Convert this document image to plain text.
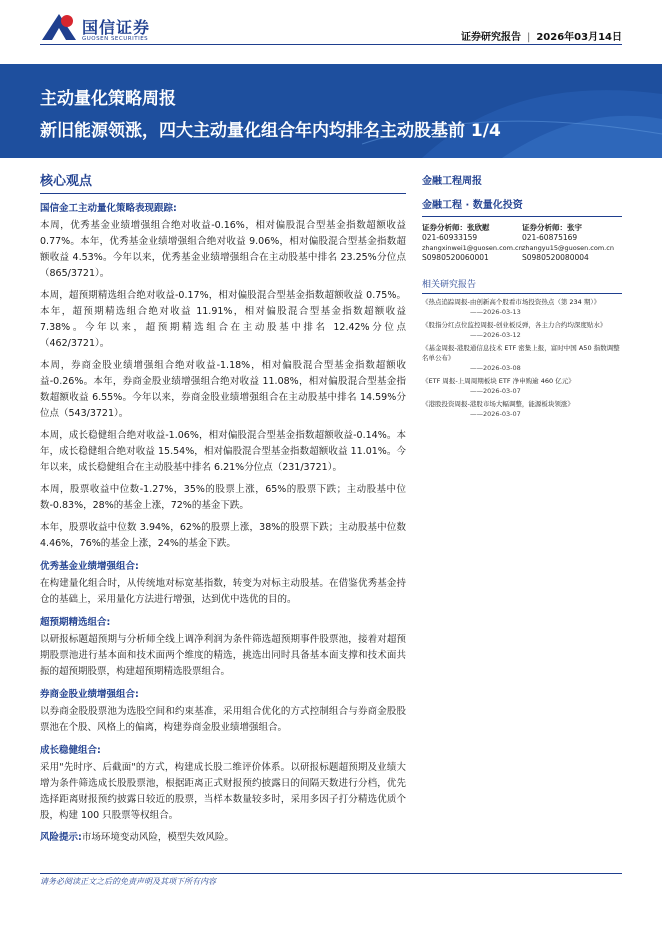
国信证券
GUOSEN SECURITIES	证券研究报告 | 2026年03月14日
主动量化策略周报
新旧能源领涨，四大主动量化组合年内均排名主动股基前 1/4
核心观点
国信金工主动量化策略表现跟踪:

本周，优秀基金业绩增强组合绝对收益-0.16%，相对偏股混合型基金指数超额收益 0.77%。本年，优秀基金业绩增强组合绝对收益 9.06%，相对偏股混合型基金指数超额收益 4.53%。今年以来，优秀基金业绩增强组合在主动股基中排名 23.25%分位点（865/3721）。

本周，超预期精选组合绝对收益-0.17%，相对偏股混合型基金指数超额收益 0.75%。本年，超预期精选组合绝对收益 11.91%，相对偏股混合型基金指数超额收益 7.38%。今年以来，超预期精选组合在主动股基中排名 12.42%分位点（462/3721）。

本周，券商金股业绩增强组合绝对收益-1.18%，相对偏股混合型基金指数超额收益-0.26%。本年，券商金股业绩增强组合绝对收益 11.08%，相对偏股混合型基金指数超额收益 6.55%。今年以来，券商金股业绩增强组合在主动股基中排名 14.59%分位点（543/3721）。

本周，成长稳健组合绝对收益-1.06%，相对偏股混合型基金指数超额收益-0.14%。本年，成长稳健组合绝对收益 15.54%，相对偏股混合型基金指数超额收益 11.01%。今年以来，成长稳健组合在主动股基中排名 6.21%分位点（231/3721）。

本周，股票收益中位数-1.27%，35%的股票上涨，65%的股票下跌；主动股基中位数-0.83%，28%的基金上涨，72%的基金下跌。

本年，股票收益中位数 3.94%，62%的股票上涨，38%的股票下跌；主动股基中位数 4.46%，76%的基金上涨，24%的基金下跌。

优秀基金业绩增强组合:

在构建量化组合时，从传统地对标宽基指数，转变为对标主动股基。在借鉴优秀基金持仓的基础上，采用量化方法进行增强，达到优中选优的目的。

超预期精选组合:

以研报标题超预期与分析师全线上调净利润为条件筛选超预期事件股票池，接着对超预期股票池进行基本面和技术面两个维度的精选，挑选出同时具备基本面支撑和技术面共振的超预期股票，构建超预期精选股票组合。

券商金股业绩增强组合:

以券商金股股票池为选股空间和约束基准，采用组合优化的方式控制组合与券商金股股票池在个股、风格上的偏离，构建券商金股业绩增强组合。

成长稳健组合:

采用"先时序、后截面"的方式，构建成长股二维评价体系。以研报标题超预期及业绩大增为条件筛选成长股股票池，根据距离正式财报预约披露日的间隔天数进行分档，优先选择距离财报预约披露日较近的股票，当样本数量较多时，采用多因子打分精选优质个股，构建 100 只股票等权组合。

风险提示:市场环境变动风险，模型失效风险。

金融工程周报
金融工程 · 数量化投资
证券分析师：张欣慰
021-60933159
zhangxinwei1@guosen.com.cn
S0980520060001
证券分析师：张宇
021-60875169
zhangyu15@guosen.com.cn
S0980520080004
相关研究报告
《热点追踪周报-由创新高个股看市场投资热点（第 234 期）》
——2026-03-13
《股指分红点位监控周报-创业板反弹，各主力合约均深度贴水》
——2026-03-12
《基金周报-港股通信息技术 ETF 密集上报，富时中国 A50 指数调整名单公布》
——2026-03-08
《ETF 周报-上周周期板块 ETF 净申购逾 460 亿元》
——2026-03-07
《港股投资周报-港股市场大幅调整，能源板块领涨》
——2026-03-07
请务必阅读正文之后的免责声明及其项下所有内容
